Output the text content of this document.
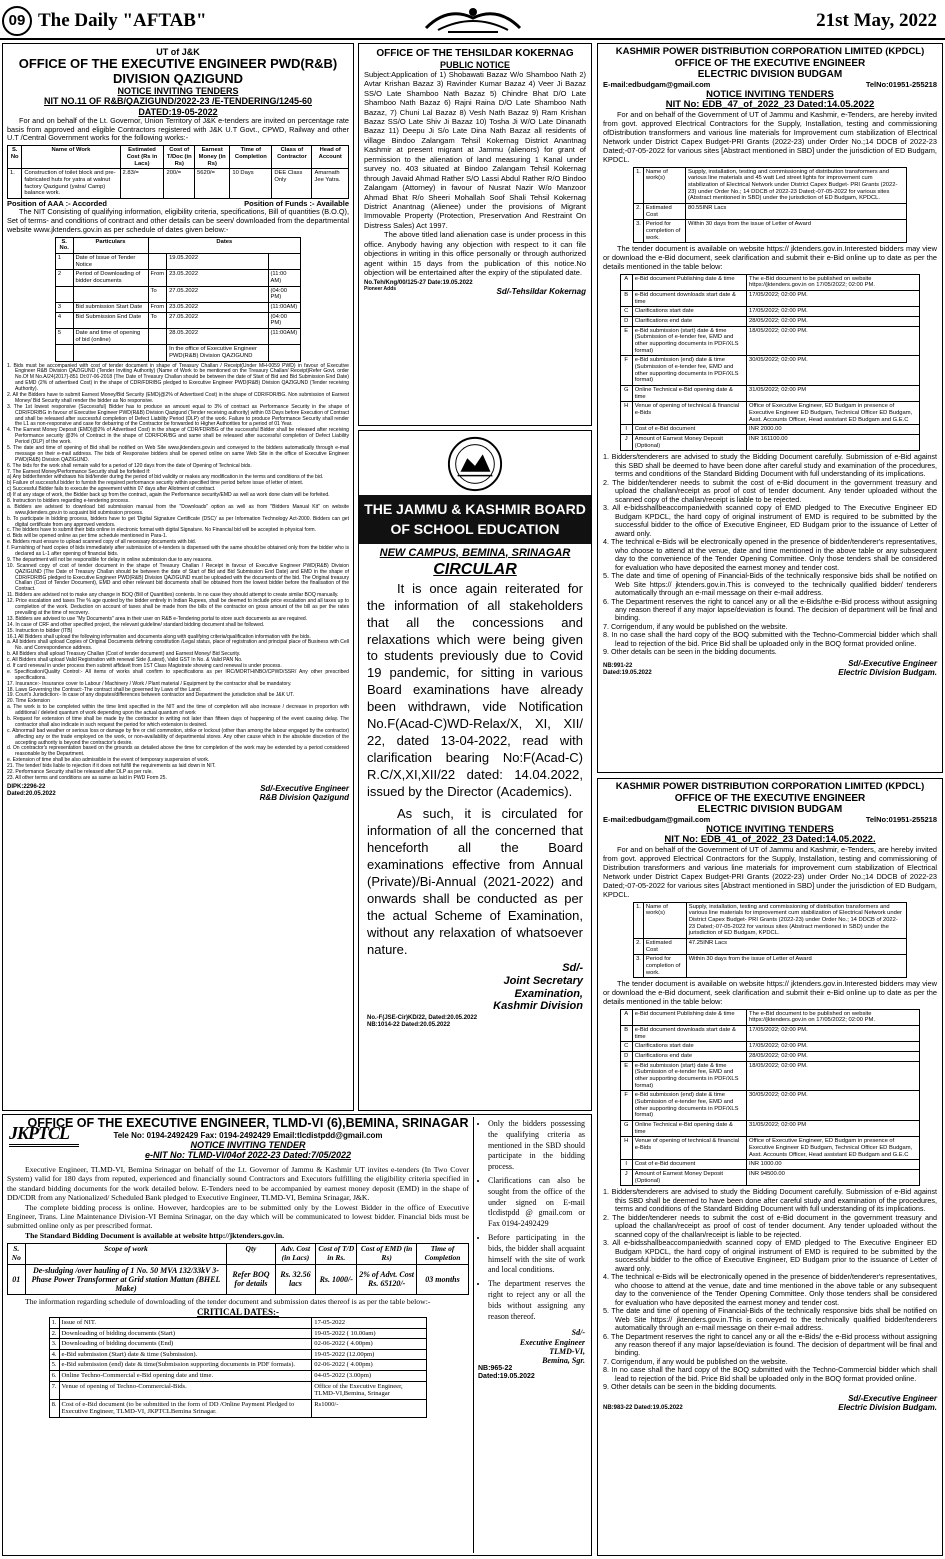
09 The Daily "AFTAB"	21st May, 2022
UT of J&K
OFFICE OF THE EXECUTIVE ENGINEER PWD(R&B) DIVISION QAZIGUND
NOTICE INVITING TENDERS
NIT NO.11 OF R&B/QAZIGUND/2022-23 /E-TENDERING/1245-60
DATED:19-05-2022
For and on behalf of the Lt. Governor, Union Territory of J&K e-tenders are invited on percentage rate basis from approved and eligible Contractors registered with J&K U.T Govt., CPWD, Railway and other U.T /Central Government works for the following works:-
S. No	Name of Work	Estimated Cost (Rs in Lacs)	Cost of T/Doc (in Rs)	Earnest Money (in Rs)	Time of Completion	Class of Contractor	Head of Account
1.	Construction of toilet block and pre-fabricated huts for yatra at walnut factory Qazigund (yatra/ Camp) balance work.	2.83/=	200/=	5620/=	10 Days	DEE Class Only	Amarnath Jee Yatra.
Position of AAA :- Accorded	Position of Funds :- Available
The NIT Consisting of qualifying information, eligibility criteria, specifications, Bill of quantities (B.O.Q), Set of terms- and conditions of contract and other details can be seen/ downloaded from the departmental website www.jktenders.gov.in as per schedule of dates given below:-
S. No.	Particulars	Dates		
1	Date of Issue of Tender Notice		19.05.2022	
2	Period of Downloading of bidder documents	From	23.05.2022	(11:00 AM)
		To	27.05.2022	(04:00 PM)
3	Bid submission Start Date	From	23.05.2022	(11:00AM)
4	Bid Submission End Date	To	27.05.2022	(04:00 PM)
5	Date and time of opening of bid (online)		28.05.2022	(11:00AM)
			In the office of Executive Engineer PWD(R&B) Division QAZIGUND	
1. Bids must be accompanied with cost of tender document in shape of Treasury Challan / Receipt(Under MH-0059 PWD) in favour of Executive Engineer R&B Division QAZIGUND (Tender Inviting Authority) (Name of Work to be mentioned on the Treasury Challan/ Receipt)Refer Govt. order No.Of M No.A/24(2017)-851 Dt:07-06-2018 (The Date of Treasury Challan should be between the date of Start of Bid and Bid Submission End Date) and EMD (2% of advertised Cost) in the shape of CDR/FDR/BG pledged to Executive Engineer PWD(R&B) Division QAZIGUND (Tender receiving Authority).
2. All the Bidders have to submit Earnest Money/Bid Security (EMD)@2% of Advertised Cost) in the shape of CDR/FDR/BG. Non submission of Earnest Money/ Bid Security shall render the bidder as No responsive.
3. The 1st lowest responsive (Successful) Bidder has to produce an amount equal to 3% of contract as Performance Security in the shape of CDR/FDR/BG in favour of Executive Engineer PWD(R&B) Division Qazigund (Tender receiving authority) within 03 Days before Execution of Contract and shall be released after successful completion of Defect Liability Period (DLP) of the work. Failure to produce Performance Security shall render the L1 as non-responsive and case for debarring of the Contractor be forwarded to Higher Authorities for a period of 01 Year.
4. The Earnest Money Deposit (EMD)@2% of Advertised Cost) in the shape of CDR/FDR/BG of the successful Bidder shall be released after receiving Performance security @3% of Contract in the shape of CDR/FDR/BG and same shall be released after successful completion of Defect Liability Period (DLP) of the work.
5. The date and time of opening of Bid shall be notified on Web Site www.jktenders.gov.in and conveyed to the bidders automatically through e-mail message on their e-mail address. The bids of Responsive bidders shall be opened online on same Web Site in the office of Executive Engineer PWD(R&B) Division QAZIGUND.
6. The bids for the work shall remain valid for a period of 120 days from the date of Opening of Technical bids.
7. The Earnest Money/Performance Security shall be forfeited if:
a) Any bidder/tender withdraws his bid/tender during the period of bid validity or makes any modification in the terms and conditions of the bid.
b) Failure of successful bidder to furnish the required performance security within specified time period before issue of letter of intent.
c) Successful Bidder fails to execute the agreement within 07 days after Allotment of contract.
d) If at any stage of work, the Bidder back up from the contract, again the Performance security/EMD as well as work done claim will be forfeited.
8. Instruction to bidders regarding e-tendering process.
a. Bidders are advised to download bid submission manual from the "Downloads" option as well as from "Bidders Manual Kit" on website www.jktenders.gov.in to acquaint bid submission process.
b. To participate in bidding process, bidders have to get 'Digital Signature Certificate (DSC)' as per Information Technology Act-2000. Bidders can get digital certificate from any approved vendors.
c. The bidders have to submit their bids online in electronic format with digital Signature. No Financial bid will be accepted in physical form.
d. Bids will be opened online as per time schedule mentioned in Para-1.
e. Bidders must ensure to upload scanned copy of all necessary documents with bid.
f. Furnishing of hard copies of bids immediately after submission of e-tenders is dispensed with the same should be obtained only from the bidder who is declared as L-1 after opening of financial bids.
9. The department will not be responsible for delay in online submission due to any reasons.
10. Scanned copy of cost of tender document in the shape of Treasury Challan / Receipt in favour of Executive Engineer PWD(R&B) Division QAZIGUND (The Date of Treasury Challan should be between the date of Start of Bid and Bid Submission End Date) and EMD in the shape of CDR/FDR/BG pledged to Executive Engineer PWD(R&B) Division QAZIGUND must be uploaded with the documents of the bid. The Original treasury Challan (Cost of Tender Document), EMD and other relevant bid documents shall be obtained from the lowest bidder before the finalisation of the Contract.
11. Bidders are advised not to make any change in BOQ (Bill of Quantities) contents. In no case they should attempt to create similar BOQ manually.
12. Price escalation and taxes The % age quoted by the bidder entirely in Indian Rupees, shall be deemed to include price escalation and all taxes up to completion of the work. Deduction on account of taxes shall be made from the bills of the contractor on gross amount of the bill as per the rates prevailing at the time of recovery.
13. Bidders are advised to use "My Documents" area in their user on R&B e-Tendering portal to store such documents as are required.
14. In case of CRF and other specified project, the relevant guideline/ standard bidding document shall be followed.
15. Instruction to bidder (ITB)
16.1 All Bidders shall upload the following information and documents along with qualifying criteria/qualification information with the bids.
a. All bidders shall upload Copies of Original Documents defining constitution /Legal status, place of registration and principal place of Business with Cell No. and Correspondence address.
b. All Bidders shall upload Treasury Challan (Cost of tender document) and Earnest Money/ Bid Security.
c. All Bidders shall upload Valid Registration with renewal Side (Latest), Valid GST In No. & Valid PAN No.
d. If card renewal in under process then submit affidavit from 1ST Class Magistrate showing card renewal is under process.
e. Specification/Quality Control:- All items of works shall confirm to specifications as per IRC/MORTH/NBO/CPWD/SSR/ Any other prescribed specifications.
17. Insurance:- Insurance cover to Labour / Machinery / Work / Plant material / Equipment by the contractor shall be mandatory.
18. Laws Governing the Contract:-The contract shall be governed by Laws of the Land.
19. Court's Jurisdiction:- In case of any disputes/differences between contractor and Department the jurisdiction shall be J&K UT.
20. Time Extension
a. The work is to be completed within the time limit specified in the NIT and the time of completion will also increase / decrease in proportion with additional / deleted quantum of work depending upon the actual quantum of work
b. Request for extension of time shall be made by the contractor in writing not later than fifteen days of happening of the event causing delay. The contractor shall also indicate in such request the period for which extension is desired.
c. Abnormal/ bad weather or serious loss or damage by fire or civil commotion, strike or lockout (other than among the labour engaged by the contractor) affecting any or the trade employed on the work, or non-availability of departmental stores. Any other cause which in the absolute discretion of the accepting authority is beyond the contractor's desire.
d. On contractor's representation based on the grounds as detailed above the time for completion of the work may be extended by a period considered reasonable by the Department.
e. Extension of time shall be also admissible in the event of temporary suspension of work.
21. The tender/ bids liable to rejection if it does not fulfill the requirements as laid down in NIT.
22. Performance Security shall be released after DLP as per rule.
23. All other terms and conditions are as same as laid in PWD Form 25.
DIPK:2296-22
Dated:20.05.2022
Sd/-Executive Engineer
R&B Division Qazigund
OFFICE OF THE TEHSILDAR KOKERNAG
PUBLIC NOTICE
Subject:Application of 1) Shobawati Bazaz W/o Shamboo Nath 2) Avtar Krishan Bazaz 3) Ravinder Kumar Bazaz 4) Veer Ji Bazaz SS/O Late Shamboo Nath Bazaz 5) Chindre Bhat D/O Late Shamboo Nath Bazaz 6) Rajni Raina D/O Late Shamboo Nath Bazaz, 7) Chuni Lal Bazaz 8) Vesh Nath Bazaz 9) Ram Krishan Bazaz SS/O Late Shiv Ji Bazaz 10) Tosha Ji W/O Late Dinanath Bazaz 11) Deepu Ji S/o Late Dina Nath Bazaz all residents of village Bindoo Zalangam Tehsil Kokernag District Anantnag Kashmir at present migrant at Jammu (alienors) for grant of permission to the alienation of land measuring 1 Kanal under survey no. 403 situated at Bindoo Zalangam Tehsil Kokernag through Javaid Ahmad Rather S/O Lassi Abdul Rather R/O Bindoo Zalangam (Attorney) in favour of Nusrat Nazir W/o Manzoor Ahmad Bhat R/o Sheeri Mohallah Soof Shali Tehsil Kokernag District Anantnag (Alienee) under the provisions of Migrant Immovable Property (Protection, Preservation And Restraint On Distress Sales) Act 1997.
The above titled land alienation case is under process in this office. Anybody having any objection with respect to it can file objections in writing in this office personally or through authorized agent within 15 days from the publication of this notice.No objection will be entertained after the expiry of the stipulated date.
No.Teh/Kng/00/125-27 Date:19.05.2022
Pioneer Adds	Sd/-Tehsildar Kokernag
THE JAMMU & KASHMIR BOARD OF SCHOOL EDUCATION
NEW CAMPUS, BEMINA, SRINAGAR
CIRCULAR
It is once again reiterated for the information of all stakeholders that all the concessions and relaxations which were being given to students previously due to Covid 19 pandemic, for sitting in various Board examinations have already been withdrawn, vide Notification No.F(Acad-C)WD-Relax/X, XI, XII/ 22, dated 13-04-2022, read with clarification bearing No:F(Acad-C) R.C/X,XI,XII/22 dated: 14.04.2022, issued by the Director (Academics).
As such, it is circulated for information of all the concerned that henceforth all the Board examinations effective from Annual (Private)/Bi-Annual (2021-2022) and onwards shall be conducted as per the actual Scheme of Examination, without any relaxation of whatsoever nature.
Sd/-
Joint Secretary
Examination,
Kashmir Division
No.-F(JSE-Cir)KD/22, Dated:20.05.2022
NB:1014-22 Dated:20.05.2022
KASHMIR POWER DISTRIBUTION CORPORATION LIMITED (KPDCL)
OFFICE OF THE EXECUTIVE ENGINEER
ELECTRIC DIVISION BUDGAM
E-mail:edbudgam@gmail.com	TelNo:01951-255218
NOTICE INVITING TENDERS
NIT No: EDB_47_of_2022_23 Dated:14.05.2022
For and on behalf of the Government of UT of Jammu and Kashmir, e-Tenders, are hereby invited from govt. approved Electrical Contractors for the Supply, Installation, testing and commissioning ofDistribution transformers and various line materials for Improvement cum stabilization of Electrical Network under District Capex Budget-PRI Grants (2022-23) under Order No.;14 DDCB of 2022-23 Dated;-07-05-2022 for various sites [Abstract mentioned in SBD] under the jurisdiction of ED Budgam, KPDCL.
1.	Name of work(s)	Supply, installation, testing and commissioning of distribution transformers and various line materials and 45 watt Led street lights for improvement cum stabilization of Electrical Network under District Capex Budget- PRI Grants (2022-23) under Order No.; 14 DDCB of 2022-23 Dated;-07-05-2022 for various sites (Abstract mentioned in SBD) under the jurisdiction of ED Budgam, KPDCL.
2.	Estimated Cost	80.55INR Lacs
3.	Period for completion of work.	Within 30 days from the issue of Letter of Award
The tender document is available on website https:// jktenders.gov.in.Interested bidders may view or download the e-Bid document, seek clarification and submit their e-Bid online up to date as per the details mentioned in the table below:
A	e-Bid document Publishing date & time	The e-Bid document to be published on website https://jktenders.gov.in on 17/05/2022; 02:00 PM.
B	e-Bid document downloads start date & time	17/05/2022; 02:00 PM.
C	Clarifications start date	17/05/2022; 02:00 PM.
D	Clarifications end date	28/05/2022; 02:00 PM.
E	e-Bid submission (start) date & time (Submission of e-tender fee, EMD and other supporting documents in PDF/XLS format)	18/05/2022; 02:00 PM.
F	e-Bid submission (end) date & time (Submission of e-tender fee, EMD and other supporting documents in PDF/XLS format)	30/05/2022; 02:00 PM.
G	Online Technical e-Bid opening date & time	31/05/2022; 02:00 PM
H	Venue of opening of technical & financial e-Bids	Office of Executive Engineer, ED Budgam in presence of Executive Engineer ED Budgam, Technical Officer ED Budgam, Asst. Accounts Officer, Head assistant ED Budgam and G.E.C
I	Cost of e-Bid document	INR 2000.00
J	Amount of Earnest Money Deposit (Optional)	INR 161100.00
1. Bidders/tenderers are advised to study the Bidding Document carefully. Submission of e-Bid against this SBD shall be deemed to have been done after careful study and examination of the procedures, terms and conditions of the Standard Bidding Document with full understanding of its implications.
2. The bidder/tenderer needs to submit the cost of e-Bid document in the government treasury and upload the challan/receipt as proof of cost of tender document. Any tender uploaded without the scanned copy of the challan/receipt is liable to be rejected.
3. All e-bidsshallbeaccompaniedwith scanned copy of EMD pledged to The Executive Engineer ED Budgam KPDCL, the hard copy of original instrument of EMD is required to be submitted by the successful bidder to the office of Executive Engineer, ED Budgam prior to the issuance of Letter of award only.
4. The technical e-Bids will be electronically opened in the presence of bidder/tenderer's representatives, who choose to attend at the venue, date and time mentioned in the above table or any subsequent day to the convenience of the Tender Opening Committee. Only those tenders shall be considered for evaluation who have deposited the earnest money and tender cost.
5. The date and time of opening of Financial-Bids of the technically responsive bids shall be notified on Web Site https:// jktenders.gov.in.This is conveyed to the technically qualified bidder/ tenderers automatically through an e-mail message on their e-mail address.
6. The Department reserves the right to cancel any or all the e-Bids/the e-Bid process without assigning any reason thereof if any major lapse/deviation is found. The decision of department will be final and binding.
7. Corrigendum, if any would be published on the website.
8. In no case shall the hard copy of the BOQ submitted with the Techno-Commercial bidder which shall lead to rejection of the bid. Price Bid shall be uploaded only in the BOQ format provided online.
9. Other details can be seen in the bidding documents.
NB:991-22
Dated:19.05.2022
Sd/-Executive Engineer
Electric Division Budgam.
KASHMIR POWER DISTRIBUTION CORPORATION LIMITED (KPDCL)
OFFICE OF THE EXECUTIVE ENGINEER
ELECTRIC DIVISION BUDGAM
E-mail:edbudgam@gmail.com	TelNo:01951-255218
NOTICE INVITING TENDERS
NIT No: EDB_41_of_2022_23 Dated:14.05.2022.
For and on behalf of the Government of UT of Jammu and Kashmir, e-Tenders, are hereby invited from govt. approved Electrical Contractors for the Supply, Installation, testing and commissioning of Distribution transformers and various line materials for improvement cum stabilization of Electrical Network under District Capex Budget-PRI Grants (2022-23) under Order No.;14 DDCB of 2022-23 Dated;-07-05-2022 for various sites [Abstract mentioned in SBD] under the jurisdiction of ED Budgam, KPDCL.
1.	Name of work(s)	Supply, installation, testing and commissioning of distribution transformers and various line materials for improvement cum stabilization of Electrical Network under District Capex Budget- PRI Grants (2022-23) under Order No.; 14 DDCB of 2022-23 Dated;-07-05-2022 for various sites (Abstract mentioned in SBD) under the jurisdiction of ED Budgam, KPDCL.
2.	Estimated Cost	47.25INR Lacs
3.	Period for completion of work.	Within 30 days from the issue of Letter of Award
The tender document is available on website https:// jktenders.gov.in.Interested bidders may view or download the e-Bid document, seek clarification and submit their e-Bid online up to date as per the details mentioned in the table below:
A	e-Bid document Publishing date & time	The e-Bid document to be published on website https://jktenders.gov.in on 17/05/2022; 02:00 PM.
B	e-Bid document downloads start date & time	17/05/2022; 02:00 PM.
C	Clarifications start date	17/05/2022; 02:00 PM.
D	Clarifications end date	28/05/2022; 02:00 PM.
E	e-Bid submission (start) date & time (Submission of e-tender fee, EMD and other supporting documents in PDF/XLS format)	18/05/2022; 02:00 PM.
F	e-Bid submission (end) date & time (Submission of e-tender fee, EMD and other supporting documents in PDF/XLS format)	30/05/2022; 02:00 PM.
G	Online Technical e-Bid opening date & time	31/05/2022; 02:00 PM
H	Venue of opening of technical & financial e-Bids	Office of Executive Engineer, ED Budgam in presence of Executive Engineer ED Budgam, Technical Officer ED Budgam, Asst. Accounts Officer, Head assistant ED Budgam and G.E.C
I	Cost of e-Bid document	INR 1000.00
J	Amount of Earnest Money Deposit (Optional)	INR 94500.00
1. Bidders/tenderers are advised to study the Bidding Document carefully. Submission of e-Bid against this SBD shall be deemed to have been done after careful study and examination of the procedures, terms and conditions of the Standard Bidding Document with full understanding of its implications.
2. The bidder/tenderer needs to submit the cost of e-Bid document in the government treasury and upload the challan/receipt as proof of cost of tender document. Any tender uploaded without the scanned copy of the challan/receipt is liable to be rejected.
3. All e-bidsshallbeaccompaniedwith scanned copy of EMD pledged to The Executive Engineer ED Budgam KPDCL, the hard copy of original instrument of EMD is required to be submitted by the successful bidder to the office of Executive Engineer, ED Budgam prior to the issuance of Letter of award only.
4. The technical e-Bids will be electronically opened in the presence of bidder/tenderer's representatives, who choose to attend at the venue, date and time mentioned in the above table or any subsequent day to the convenience of the Tender Opening Committee. Only those tenders shall be considered for evaluation who have deposited the earnest money and tender cost.
5. The date and time of opening of Financial-Bids of the technically responsive bids shall be notified on Web Site https:// jktenders.gov.in.This is conveyed to the technically qualified bidder/tenderers automatically through an e-mail message on their e-mail address.
6. The Department reserves the right to cancel any or all the e-Bids/ the e-Bid process without assigning any reason thereof if any major lapse/deviation is found. The decision of department will be final and binding.
7. Corrigendum, if any would be published on the website.
8. In no case shall the hard copy of the BOQ submitted with the Techno-Commercial bidder which shall lead to rejection of the bid. Price Bid shall be uploaded only in the BOQ format provided online.
9. Other details can be seen in the bidding documents.
NB:983-22 Dated:19.05.2022
Sd/-Executive Engineer
Electric Division Budgam.
JKPTCL
OFFICE OF THE EXECUTIVE ENGINEER, TLMD-VI (6),BEMINA, SRINAGAR
Tele No: 0194-2492429 Fax: 0194-2492429 Email:tlcdistpdd@gmail.com
NOTICE INVITING TENDER
e-NIT No: TLMD-VI/04of 2022-23 Dated:7/05/2022
Executive Engineer, TLMD-VI, Bemina Srinagar on behalf of the Lt. Governor of Jammu & Kashmir UT invites e-tenders (In Two Cover System) valid for 180 days from reputed, experienced and financially sound Contractors and Executors fulfilling the eligibility criteria specified in the standard bidding documents for the work detailed below. E-Tenders need to be accompanied by earnest money deposit (EMD) in the shape of DD/CDR from any Nationalized/ Scheduled Bank pledged to Executive Engineer, TLMD-VI, Bemina Srinagar, J&K.
The complete bidding process is online. However, hardcopies are to be submitted only by the Lowest Bidder in the office of Executive Engineer, Trans. Line Maintenance Division-VI Bemina Srinagar, on the day which will be communicated to lowest bidder. Financial bids must be submitted online only as per prescribed format.
The Standard Bidding Document is available at website http://jktenders.gov.in.
S. No	Scope of work	Qty	Adv. Cost (in Lacs)	Cost of T/D in Rs.	Cost of EMD (in Rs)	Time of Completion
01	De-sludging /over hauling of 1 No. 50 MVA 132/33kV 3- Phase Power Transformer at Grid station Mattan (BHEL Make)	Refer BOQ for details	Rs. 32.56 lacs	Rs. 1000/-	2% of Advt. Cost Rs. 65120/-	03 months
The information regarding schedule of downloading of the tender document and submission dates thereof is as per the table below:-
CRITICAL DATES:-
1.	Issue of NIT.	17-05-2022
2.	Downloading of bidding documents (Start)	19-05-2022 ( 10.00am)
3.	Downloading of bidding documents (End)	02-06-2022 ( 4.00pm)
4.	e-Bid submission (Start) date & time (Submission).	19-05-2022 (12.00pm)
5.	e-Bid submission (end) date & time(Submission supporting documents in PDF formats).	02-06-2022 ( 4.00pm)
6.	Online Techno-Commercial e-Bid opening date and time.	04-05-2022 (3.00pm)
7.	Venue of opening of Techno-Commercial-Bids.	Office of the Executive Engineer, TLMD-VI,Bemina, Srinagar
8.	Cost of e-Bid document (to be submitted in the form of DD /Online Payment Pledged to Executive Engineer, TLMD-VI, JKPTCLBemina Srinagar.	Rs1000/-
• Only the bidders possessing the qualifying criteria as mentioned in the SBD should participate in the bidding process.
• Clarifications can also be sought from the office of the under signed on E-mail tlcdistpdd @ gmail.com or Fax 0194-2492429
• Before participating in the bids, the bidder shall acquaint himself with the site of work and local conditions.
• The department reserves the right to reject any or all the bids without assigning any reason thereof.
Sd/-
Executive Engineer
TLMD-VI,
Bemina, Sgr.
NB:965-22
Dated:19.05.2022
